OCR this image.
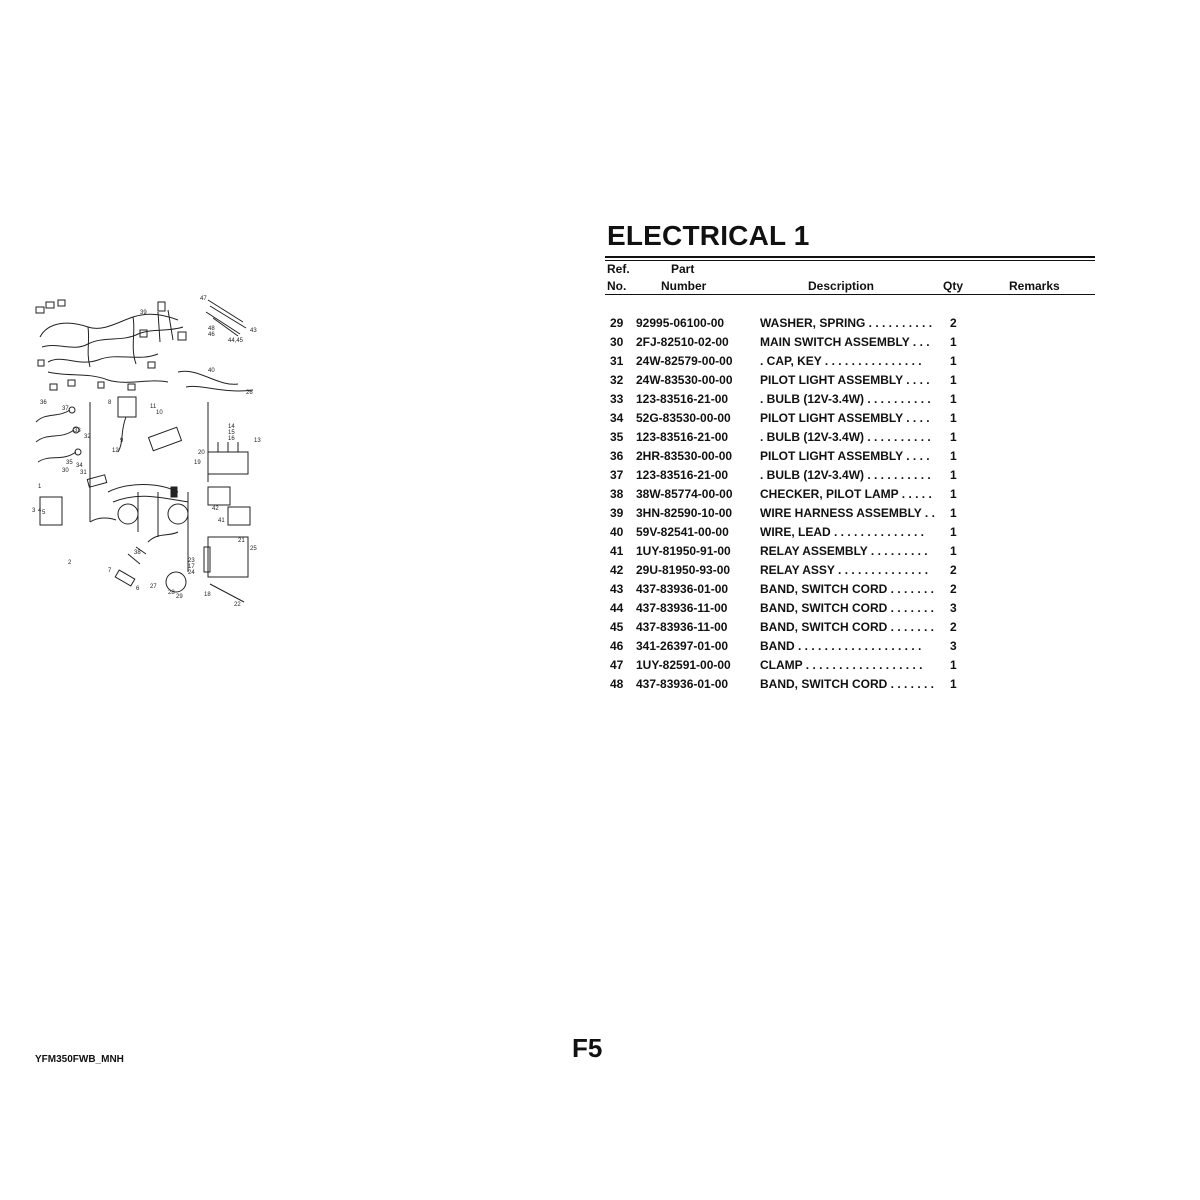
47
39
48
46
43
44,45
40
26
36
37
32
33
35 34
30 31
8
11
10
9
12
14
15
16	13
20
19
42
41
1
3 4 5
2
38
7
6
21
25
23
24
17
27
28
29	18
22
ELECTRICAL 1
Ref.
No.
Part
Number	Description	Qty	Remarks
29 92995-06100-00	WASHER, SPRING . . . . . . . . . .	2
30 2FJ-82510-02-00	MAIN SWITCH ASSEMBLY . . .	1
31 24W-82579-00-00 . CAP, KEY . . . . . . . . . . . . . . .	1
32 24W-83530-00-00 PILOT LIGHT ASSEMBLY . . . .	1
33 123-83516-21-00	. BULB (12V-3.4W) . . . . . . . . . .	1
34 52G-83530-00-00 PILOT LIGHT ASSEMBLY . . . .	1
35 123-83516-21-00	. BULB (12V-3.4W) . . . . . . . . . .	1
36 2HR-83530-00-00 PILOT LIGHT ASSEMBLY . . . .	1
37 123-83516-21-00	. BULB (12V-3.4W) . . . . . . . . . .	1
38 38W-85774-00-00 CHECKER, PILOT LAMP . . . . .	1
39 3HN-82590-10-00 WIRE HARNESS ASSEMBLY . .	1
40 59V-82541-00-00	WIRE, LEAD . . . . . . . . . . . . . .	1
41 1UY-81950-91-00 RELAY ASSEMBLY . . . . . . . . .	1
42 29U-81950-93-00 RELAY ASSY . . . . . . . . . . . . . .	2
43 437-83936-01-00	BAND, SWITCH CORD . . . . . . .	2
44 437-83936-11-00	BAND, SWITCH CORD . . . . . . .	3
45 437-83936-11-00	BAND, SWITCH CORD . . . . . . .	2
46 341-26397-01-00	BAND . . . . . . . . . . . . . . . . . . .	3
47 1UY-82591-00-00 CLAMP . . . . . . . . . . . . . . . . . .	1
48 437-83936-01-00	BAND, SWITCH CORD . . . . . . .	1
YFM350FWB_MNH	F5
